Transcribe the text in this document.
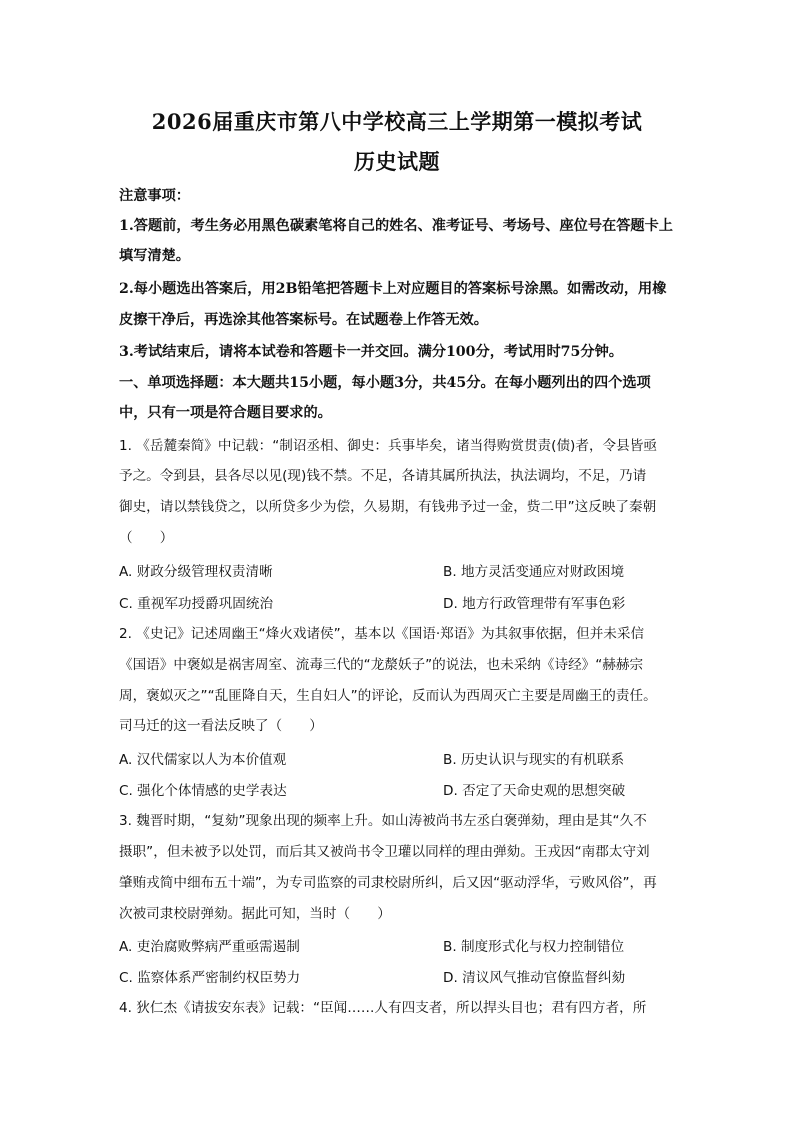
2026届重庆市第八中学校高三上学期第一模拟考试
历史试题
注意事项：
1.答题前，考生务必用黑色碳素笔将自己的姓名、准考证号、考场号、座位号在答题卡上
填写清楚。
2.每小题选出答案后，用2B铅笔把答题卡上对应题目的答案标号涂黑。如需改动，用橡
皮擦干净后，再选涂其他答案标号。在试题卷上作答无效。
3.考试结束后，请将本试卷和答题卡一并交回。满分100分，考试用时75分钟。
一、单项选择题：本大题共15小题，每小题3分，共45分。在每小题列出的四个选项
中，只有一项是符合题目要求的。
1. 《岳麓秦简》中记载：“制诏丞相、御史：兵事毕矣，诸当得购赏贯责(债)者，令县皆亟
予之。令到县，县各尽以见(现)钱不禁。不足，各请其属所执法，执法调均，不足，乃请
御史，请以禁钱贷之，以所贷多少为偿，久易期，有钱弗予过一金，赀二甲”这反映了秦朝
（　　）
A. 财政分级管理权责清晰	B. 地方灵活变通应对财政困境
C. 重视军功授爵巩固统治	D. 地方行政管理带有军事色彩
2. 《史记》记述周幽王“烽火戏诸侯”，基本以《国语·郑语》为其叙事依据，但并未采信
《国语》中褒姒是祸害周室、流毒三代的“龙漦妖子”的说法，也未采纳《诗经》“赫赫宗
周，褒姒灭之”“乱匪降自天，生自妇人”的评论，反而认为西周灭亡主要是周幽王的责任。
司马迁的这一看法反映了（　　）
A. 汉代儒家以人为本价值观	B. 历史认识与现实的有机联系
C. 强化个体情感的史学表达	D. 否定了天命史观的思想突破
3. 魏晋时期，“复劾”现象出现的频率上升。如山涛被尚书左丞白褒弹劾，理由是其“久不
摄职”，但未被予以处罚，而后其又被尚书令卫瓘以同样的理由弹劾。王戎因“南郡太守刘
肇贿戎简中细布五十端”，为专司监察的司隶校尉所纠，后又因“驱动浮华，亏败风俗”，再
次被司隶校尉弹劾。据此可知，当时（　　）
A. 吏治腐败弊病严重亟需遏制	B. 制度形式化与权力控制错位
C. 监察体系严密制约权臣势力	D. 清议风气推动官僚监督纠劾
4. 狄仁杰《请拔安东表》记载：“臣闻……人有四支者，所以捍头目也；君有四方者，所
